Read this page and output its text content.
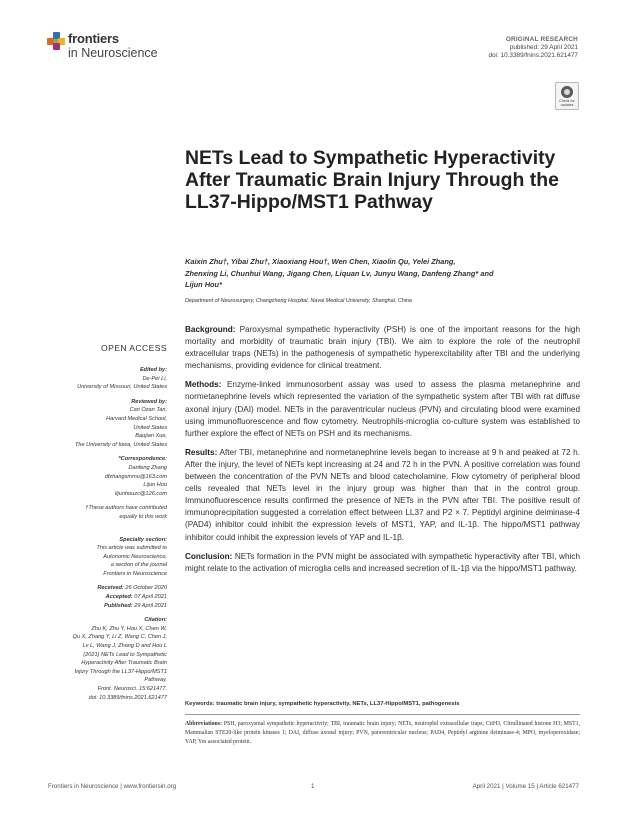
frontiers
in Neuroscience
ORIGINAL RESEARCH
published: 29 April 2021
doi: 10.3389/fnins.2021.621477
Check for updates
NETs Lead to Sympathetic Hyperactivity After Traumatic Brain Injury Through the LL37-Hippo/MST1 Pathway
Kaixin Zhu†, Yibai Zhu†, Xiaoxiang Hou†, Wen Chen, Xiaolin Qu, Yelei Zhang,
Zhenxing Li, Chunhui Wang, Jigang Chen, Liquan Lv, Junyu Wang, Danfeng Zhang* and
Lijun Hou*
Department of Neurosurgery, Changzheng Hospital, Naval Medical University, Shanghai, China
OPEN ACCESS
Edited by:
De-Pei Li,
University of Missouri, United States
Reviewed by:
Can Ozan Tan,
Harvard Medical School,
United States
Baojian Xue,
The University of Iowa, United States
*Correspondence:
Danfeng Zhang
dfzhangsmmu@163.com
Lijun Hou
lijunhouzc@126.com
†These authors have contributed
equally to this work
Specialty section:
This article was submitted to
Autonomic Neuroscience,
a section of the journal
Frontiers in Neuroscience
Received: 26 October 2020
Accepted: 07 April 2021
Published: 29 April 2021
Citation:
Zhu K, Zhu Y, Hou X, Chen W,
Qu X, Zhang Y, Li Z, Wang C, Chen J,
Lv L, Wang J, Zhang D and Hou L
(2021) NETs Lead to Sympathetic
Hyperactivity After Traumatic Brain
Injury Through the LL37-Hippo/MST1
Pathway.
Front. Neurosci. 15:621477.
doi: 10.3389/fnins.2021.621477

Background: Paroxysmal sympathetic hyperactivity (PSH) is one of the important reasons for the high mortality and morbidity of traumatic brain injury (TBI). We aim to explore the role of the neutrophil extracellular traps (NETs) in the pathogenesis of sympathetic hyperexcitability after TBI and the underlying mechanisms, providing evidence for clinical treatment.

Methods: Enzyme-linked immunosorbent assay was used to assess the plasma metanephrine and normetanephrine levels which represented the variation of the sympathetic system after TBI with rat diffuse axonal injury (DAI) model. NETs in the paraventricular nucleus (PVN) and circulating blood were examined using immunofluorescence and flow cytometry. Neutrophils-microglia co-culture system was established to further explore the effect of NETs on PSH and its mechanisms.

Results: After TBI, metanephrine and normetanephrine levels began to increase at 9 h and peaked at 72 h. After the injury, the level of NETs kept increasing at 24 and 72 h in the PVN. A positive correlation was found between the concentration of the PVN NETs and blood catecholamine. Flow cytometry of peripheral blood cells revealed that NETs level in the injury group was higher than that in the control group. Immunofluorescence results confirmed the presence of NETs in the PVN after TBI. The positive result of immunoprecipitation suggested a correlation effect between LL37 and P2 × 7. Peptidyl arginine deiminase-4 (PAD4) inhibitor could inhibit the expression levels of MST1, YAP, and IL-1β. The hippo/MST1 pathway inhibitor could inhibit the expression levels of YAP and IL-1β.

Conclusion: NETs formation in the PVN might be associated with sympathetic hyperactivity after TBI, which might relate to the activation of microglia cells and increased secretion of IL-1β via the hippo/MST1 pathway.

Keywords: traumatic brain injury, sympathetic hyperactivity, NETs, LL37-Hippo/MST1, pathogenesis
Abbreviations: PSH, paroxysmal sympathetic hyperactivity; TBI, traumatic brain injury; NETs, neutrophil extracellular traps; CitH3, Citrullinated histone H3; MST1, Mammalian STE20-like protein kinases 1; DAI, diffuse axonal injury; PVN, paraventricular nucleus; PAD4, Peptidyl arginine deiminase-4; MPO, myeloperoxidase; YAP, Yes associated protein.
Frontiers in Neuroscience | www.frontiersin.org	1	April 2021 | Volume 15 | Article 621477
